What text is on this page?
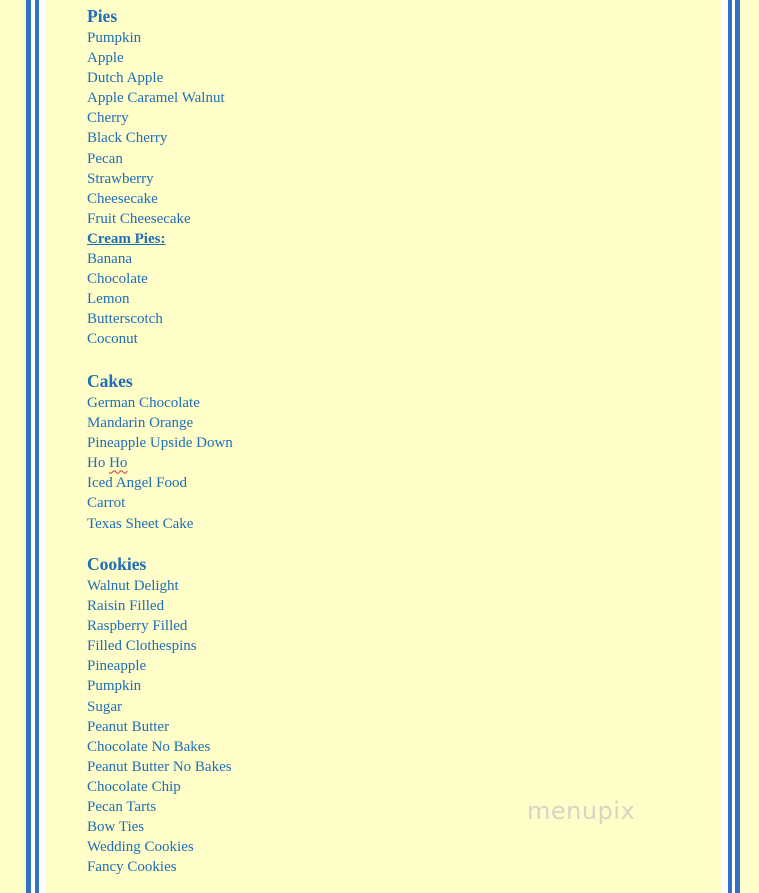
Pies
Pumpkin
Apple
Dutch Apple
Apple Caramel Walnut
Cherry
Black Cherry
Pecan
Strawberry
Cheesecake
Fruit Cheesecake
Cream Pies:
Banana
Chocolate
Lemon
Butterscotch
Coconut
Cakes
German Chocolate
Mandarin Orange
Pineapple Upside Down
Ho Ho
Iced Angel Food
Carrot
Texas Sheet Cake
Cookies
Walnut Delight
Raisin Filled
Raspberry Filled
Filled Clothespins
Pineapple
Pumpkin
Sugar
Peanut Butter
Chocolate No Bakes
Peanut Butter No Bakes
Chocolate Chip
Pecan Tarts
Bow Ties
Wedding Cookies
Fancy Cookies
menupix
